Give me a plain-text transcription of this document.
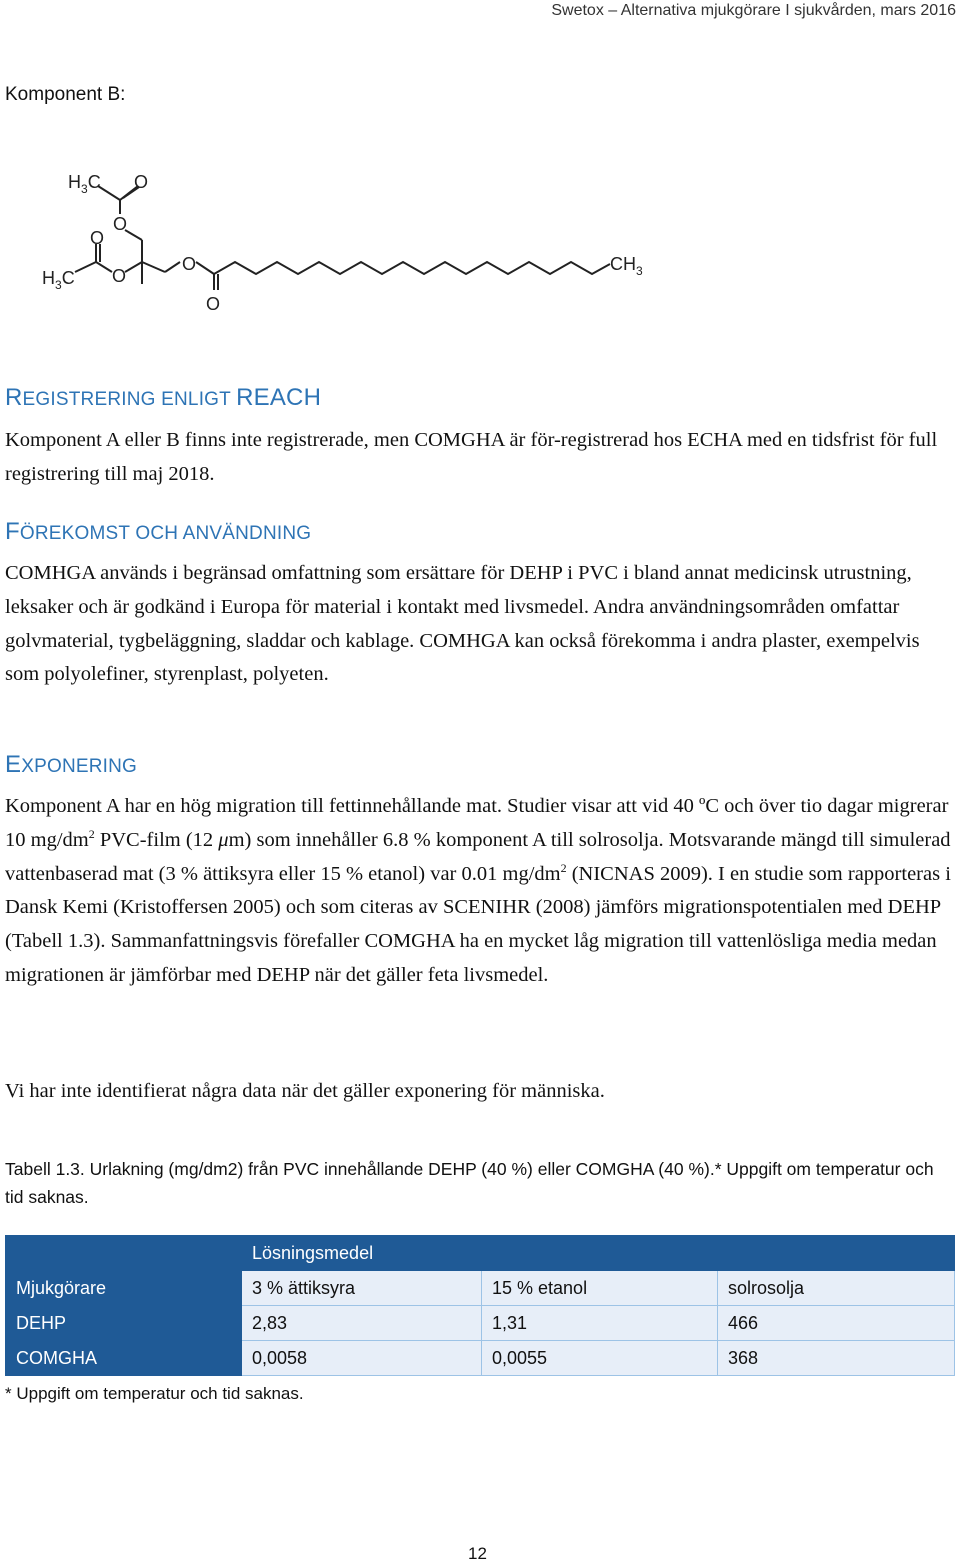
Swetox – Alternativa mjukgörare I sjukvården, mars 2016
Komponent B:
$H_3C$ O
O
O
$H_3C$ O
O
O
$CH_3$
REGISTRERING ENLIGT REACH
Komponent A eller B finns inte registrerade, men COMGHA är för-registrerad hos ECHA med en tidsfrist för full registrering till maj 2018.
FÖREKOMST OCH ANVÄNDNING
COMHGA används i begränsad omfattning som ersättare för DEHP i PVC i bland annat medicinsk utrustning, leksaker och är godkänd i Europa för material i kontakt med livsmedel. Andra användningsområden omfattar golvmaterial, tygbeläggning, sladdar och kablage. COMHGA kan också förekomma i andra plaster, exempelvis som polyolefiner, styrenplast, polyeten.
EXPONERING
Komponent A har en hög migration till fettinnehållande mat. Studier visar att vid 40 ºC och över tio dagar migrerar 10 $mg/dm^2$ PVC-film (12 μm) som innehåller 6.8 % komponent A till solrosolja. Motsvarande mängd till simulerad vattenbaserad mat (3 % ättiksyra eller 15 % etanol) var 0.01 $mg/dm^2$ (NICNAS 2009). I en studie som rapporteras i Dansk Kemi (Kristoffersen 2005) och som citeras av SCENIHR (2008) jämförs migrationspotentialen med DEHP (Tabell 1.3). Sammanfattningsvis förefaller COMGHA ha en mycket låg migration till vattenlösliga media medan migrationen är jämförbar med DEHP när det gäller feta livsmedel.
Vi har inte identifierat några data när det gäller exponering för människa.
Tabell 1.3. Urlakning (mg/dm2) från PVC innehållande DEHP (40 %) eller COMGHA (40 %).* Uppgift om temperatur och tid saknas.
	Lösningsmedel		
Mjukgörare	3 % ättiksyra	15 % etanol	solrosolja
DEHP	2,83	1,31	466
COMGHA	0,0058	0,0055	368
* Uppgift om temperatur och tid saknas.
12
